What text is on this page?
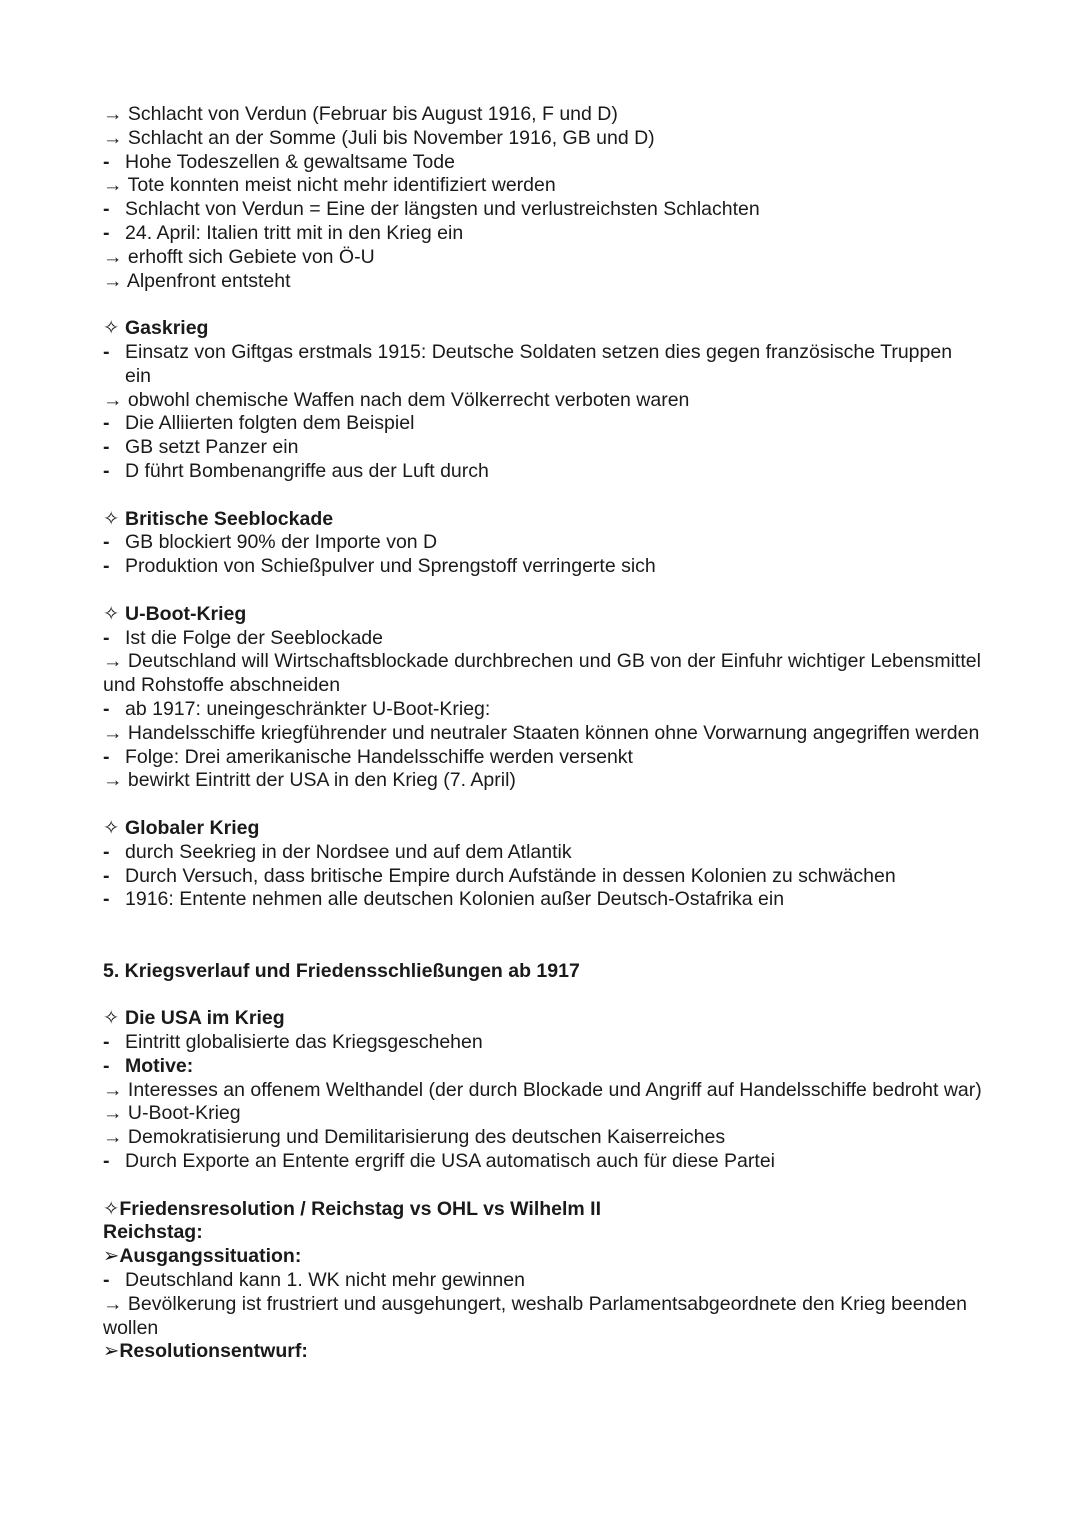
→ Schlacht von Verdun (Februar bis August 1916, F und D)
→ Schlacht an der Somme (Juli bis November 1916, GB und D)
- Hohe Todeszellen & gewaltsame Tode
→ Tote konnten meist nicht mehr identifiziert werden
- Schlacht von Verdun = Eine der längsten und verlustreichsten Schlachten
- 24. April: Italien tritt mit in den Krieg ein
→ erhofft sich Gebiete von Ö-U
→ Alpenfront entsteht
✧ Gaskrieg
- Einsatz von Giftgas erstmals 1915: Deutsche Soldaten setzen dies gegen französische Truppen ein
→ obwohl chemische Waffen nach dem Völkerrecht verboten waren
- Die Alliierten folgten dem Beispiel
- GB setzt Panzer ein
- D führt Bombenangriffe aus der Luft durch
✧ Britische Seeblockade
- GB blockiert 90% der Importe von D
- Produktion von Schießpulver und Sprengstoff verringerte sich
✧ U-Boot-Krieg
- Ist die Folge der Seeblockade
→ Deutschland will Wirtschaftsblockade durchbrechen und GB von der Einfuhr wichtiger Lebensmittel und Rohstoffe abschneiden
- ab 1917: uneingeschränkter U-Boot-Krieg:
→ Handelsschiffe kriegführender und neutraler Staaten können ohne Vorwarnung angegriffen werden
- Folge: Drei amerikanische Handelsschiffe werden versenkt
→ bewirkt Eintritt der USA in den Krieg (7. April)
✧ Globaler Krieg
- durch Seekrieg in der Nordsee und auf dem Atlantik
- Durch Versuch, dass britische Empire durch Aufstände in dessen Kolonien zu schwächen
- 1916: Entente nehmen alle deutschen Kolonien außer Deutsch-Ostafrika ein
5. Kriegsverlauf und Friedensschließungen ab 1917
✧ Die USA im Krieg
- Eintritt globalisierte das Kriegsgeschehen
- Motive:
→ Interesses an offenem Welthandel (der durch Blockade und Angriff auf Handelsschiffe bedroht war)
→ U-Boot-Krieg
→ Demokratisierung und Demilitarisierung des deutschen Kaiserreiches
- Durch Exporte an Entente ergriff die USA automatisch auch für diese Partei
✧Friedensresolution / Reichstag vs OHL vs Wilhelm II
Reichstag:
➢Ausgangssituation:
- Deutschland kann 1. WK nicht mehr gewinnen
→ Bevölkerung ist frustriert und ausgehungert, weshalb Parlamentsabgeordnete den Krieg beenden wollen
➢Resolutionsentwurf:
